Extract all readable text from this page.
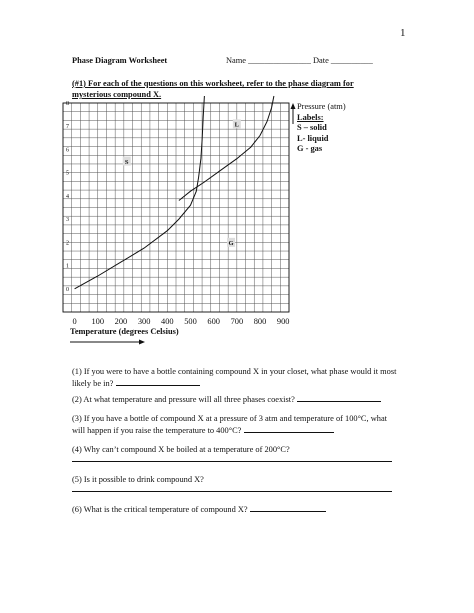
1
Phase Diagram Worksheet	Name _______________ Date __________
(#1) For each of the questions on this worksheet, refer to the phase diagram for mysterious compound X.
0
1
2
3
4
5
6
7
8
0 100 200 300 400 500 600 700 800 900
Temperature (degrees Celsius)
S
L
G
Pressure (atm)
Labels:
S – solid
L- liquid
G - gas
(1) If you were to have a bottle containing compound X in your closet, what phase would it most likely be in?
(2) At what temperature and pressure will all three phases coexist?
(3) If you have a bottle of compound X at a pressure of 3 atm and temperature of 100°C, what will happen if you raise the temperature to 400°C?
(4) Why can’t compound X be boiled at a temperature of 200°C?
(5) Is it possible to drink compound X?
(6) What is the critical temperature of compound X?
